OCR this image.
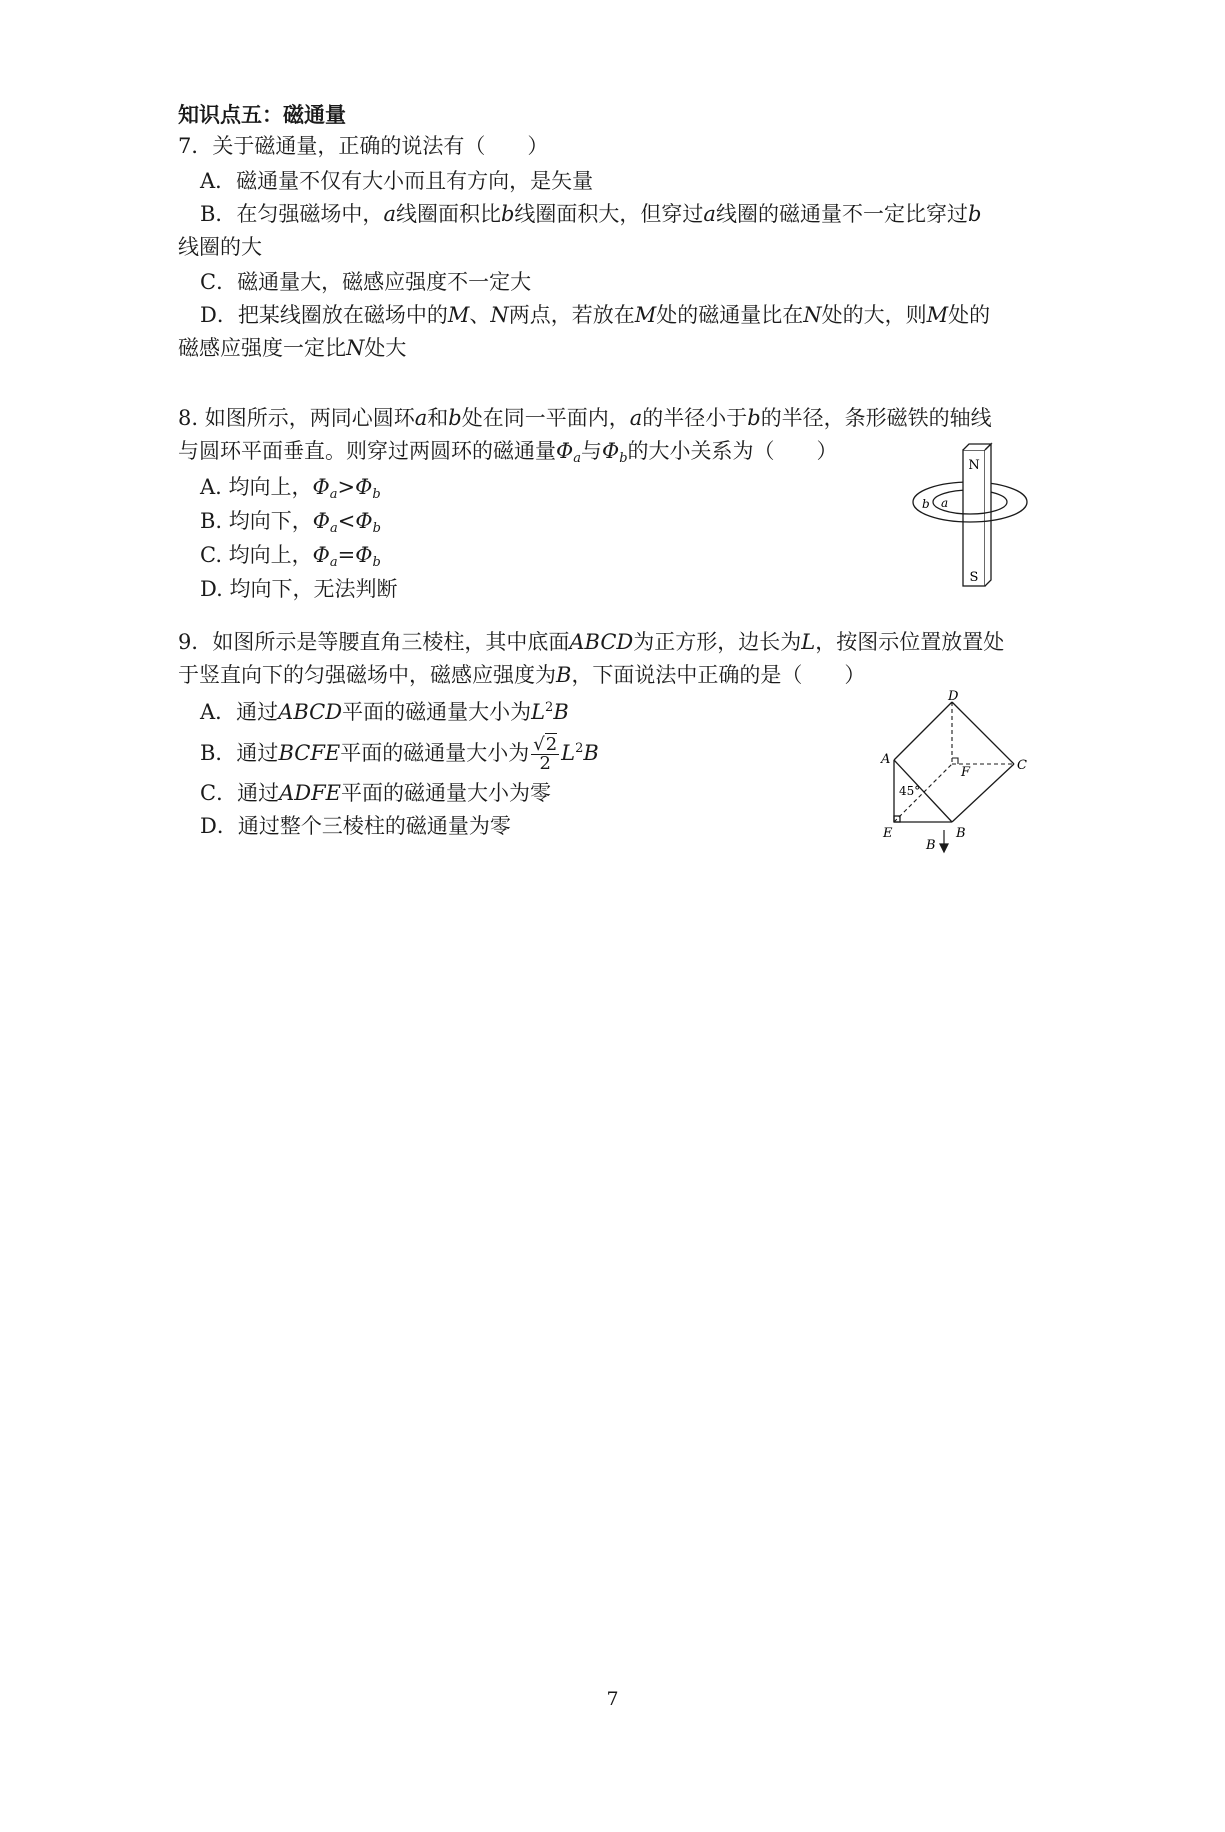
知识点五：磁通量
7．关于磁通量，正确的说法有（　　）
A．磁通量不仅有大小而且有方向，是矢量
B．在匀强磁场中，a线圈面积比b线圈面积大，但穿过a线圈的磁通量不一定比穿过b
线圈的大
C．磁通量大，磁感应强度不一定大
D．把某线圈放在磁场中的M、N两点，若放在M处的磁通量比在N处的大，则M处的
磁感应强度一定比N处大
8. 如图所示，两同心圆环a和b处在同一平面内，a的半径小于b的半径，条形磁铁的轴线
与圆环平面垂直。则穿过两圆环的磁通量$\Phi_a$与$\Phi_b$的大小关系为（　　）
A. 均向上，$\Phi_a>\Phi_b$
B. 均向下，$\Phi_a<\Phi_b$
C. 均向上，$\Phi_a=\Phi_b$
D. 均向下，无法判断
N
S
b a
9．如图所示是等腰直角三棱柱，其中底面ABCD为正方形，边长为L，按图示位置放置处
于竖直向下的匀强磁场中，磁感应强度为B，下面说法中正确的是（　　）
A．通过ABCD平面的磁通量大小为$L^2B$
B．通过BCFE平面的磁通量大小为 $\frac{√2}{2} L^2B$
C．通过ADFE平面的磁通量大小为零
D．通过整个三棱柱的磁通量为零
D
A
F	C
E	B
45°
B
7
